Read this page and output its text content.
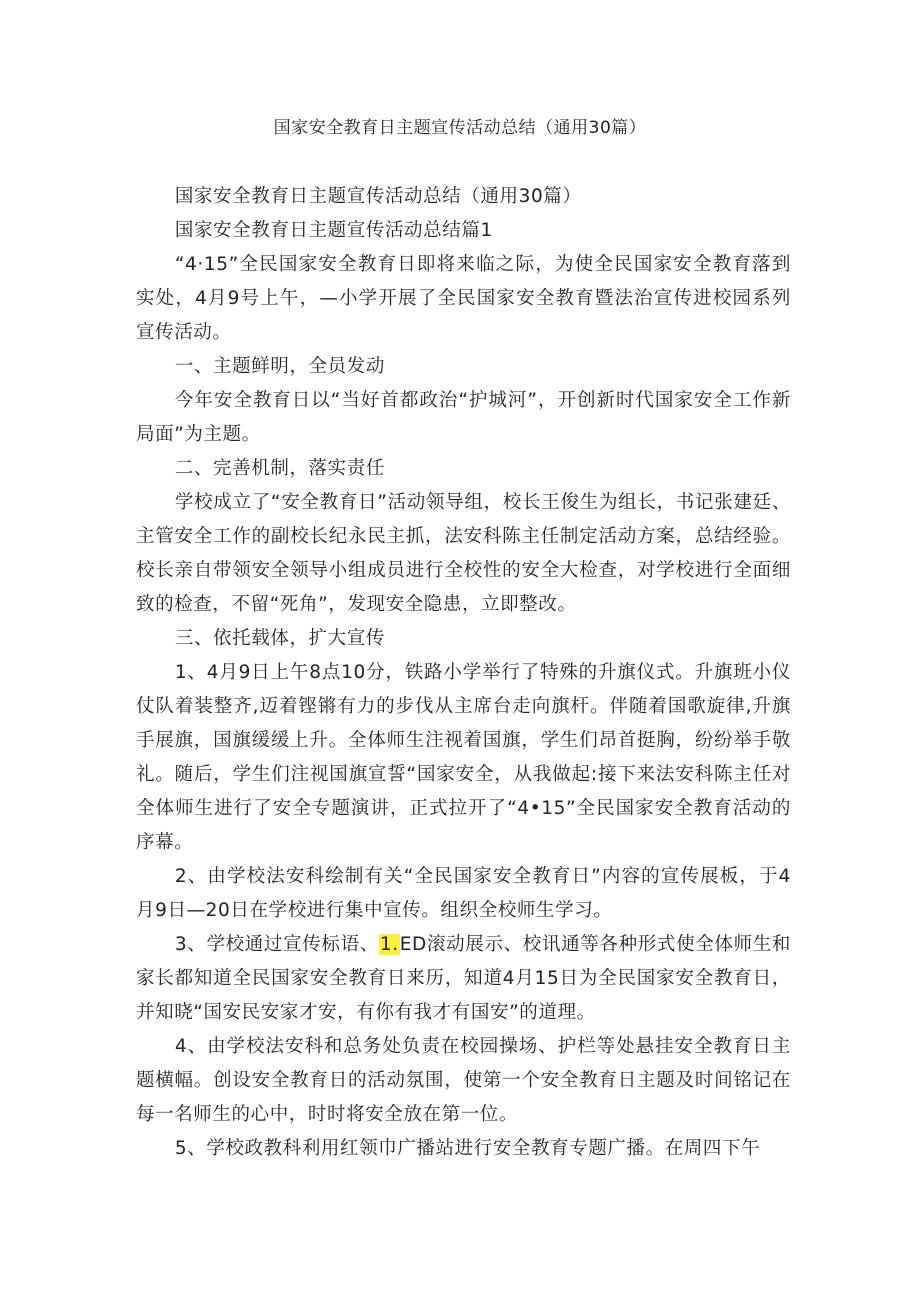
国家安全教育日主题宣传活动总结（通用30篇）

国家安全教育日主题宣传活动总结（通用30篇）

国家安全教育日主题宣传活动总结篇1

“4·15”全民国家安全教育日即将来临之际，为使全民国家安全教育落到实处，4月9号上午，—小学开展了全民国家安全教育暨法治宣传进校园系列宣传活动。

一、主题鲜明，全员发动

今年安全教育日以“当好首都政治“护城河”，开创新时代国家安全工作新局面”为主题。

二、完善机制，落实责任

学校成立了“安全教育日”活动领导组，校长王俊生为组长，书记张建廷、主管安全工作的副校长纪永民主抓，法安科陈主任制定活动方案，总结经验。校长亲自带领安全领导小组成员进行全校性的安全大检查，对学校进行全面细致的检查，不留“死角”，发现安全隐患，立即整改。

三、依托载体，扩大宣传

1、4月9日上午8点10分，铁路小学举行了特殊的升旗仪式。升旗班小仪仗队着装整齐,迈着铿锵有力的步伐从主席台走向旗杆。伴随着国歌旋律,升旗手展旗，国旗缓缓上升。全体师生注视着国旗，学生们昂首挺胸，纷纷举手敬礼。随后，学生们注视国旗宣誓“国家安全，从我做起:接下来法安科陈主任对全体师生进行了安全专题演讲，正式拉开了“4•15”全民国家安全教育活动的序幕。

2、由学校法安科绘制有关“全民国家安全教育日”内容的宣传展板，于4月9日—20日在学校进行集中宣传。组织全校师生学习。

3、学校通过宣传标语、1.ED滚动展示、校讯通等各种形式使全体师生和家长都知道全民国家安全教育日来历，知道4月15日为全民国家安全教育日，并知晓“国安民安家才安，有你有我才有国安”的道理。

4、由学校法安科和总务处负责在校园操场、护栏等处悬挂安全教育日主题横幅。创设安全教育日的活动氛围，使第一个安全教育日主题及时间铭记在每一名师生的心中，时时将安全放在第一位。

5、学校政教科利用红领巾广播站进行安全教育专题广播。在周四下午
